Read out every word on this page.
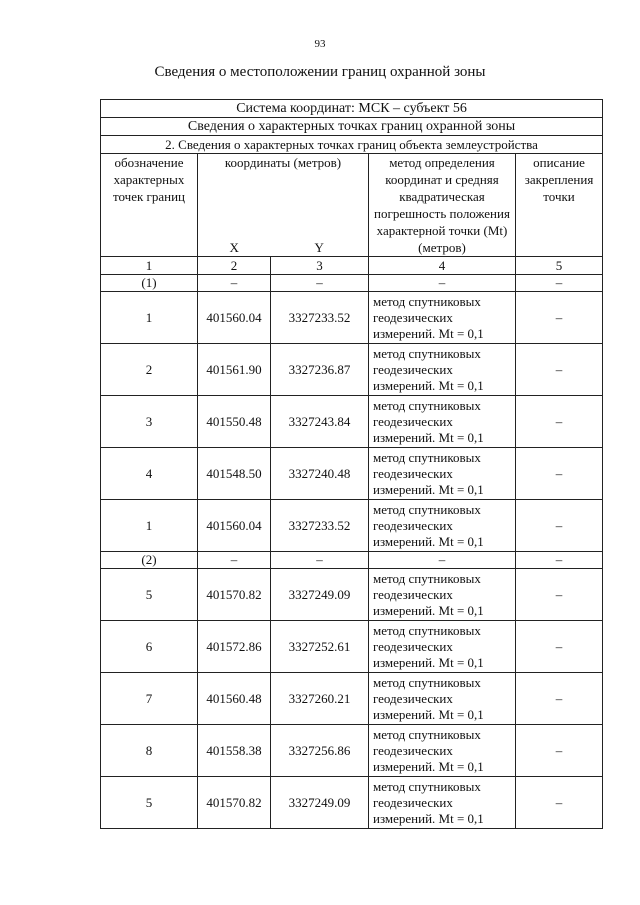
93
Сведения о местоположении границ охранной зоны
Система координат: МСК – субъект 56				
Сведения о характерных точках границ охранной зоны				
2. Сведения о характерных точках границ объекта землеустройства				
обозначение характерных точек границ	координаты (метров)		метод определения координат и средняя квадратическая погрешность положения характерной точки (Mt) (метров)	описание закрепления точки
	X	Y		
1	2	3	4	5
(1)	–	–	–	–
1	401560.04	3327233.52	метод спутниковых геодезических измерений. Mt = 0,1	–
2	401561.90	3327236.87	метод спутниковых геодезических измерений. Mt = 0,1	–
3	401550.48	3327243.84	метод спутниковых геодезических измерений. Mt = 0,1	–
4	401548.50	3327240.48	метод спутниковых геодезических измерений. Mt = 0,1	–
1	401560.04	3327233.52	метод спутниковых геодезических измерений. Mt = 0,1	–
(2)	–	–	–	–
5	401570.82	3327249.09	метод спутниковых геодезических измерений. Mt = 0,1	–
6	401572.86	3327252.61	метод спутниковых геодезических измерений. Mt = 0,1	–
7	401560.48	3327260.21	метод спутниковых геодезических измерений. Mt = 0,1	–
8	401558.38	3327256.86	метод спутниковых геодезических измерений. Mt = 0,1	–
5	401570.82	3327249.09	метод спутниковых геодезических измерений. Mt = 0,1	–
